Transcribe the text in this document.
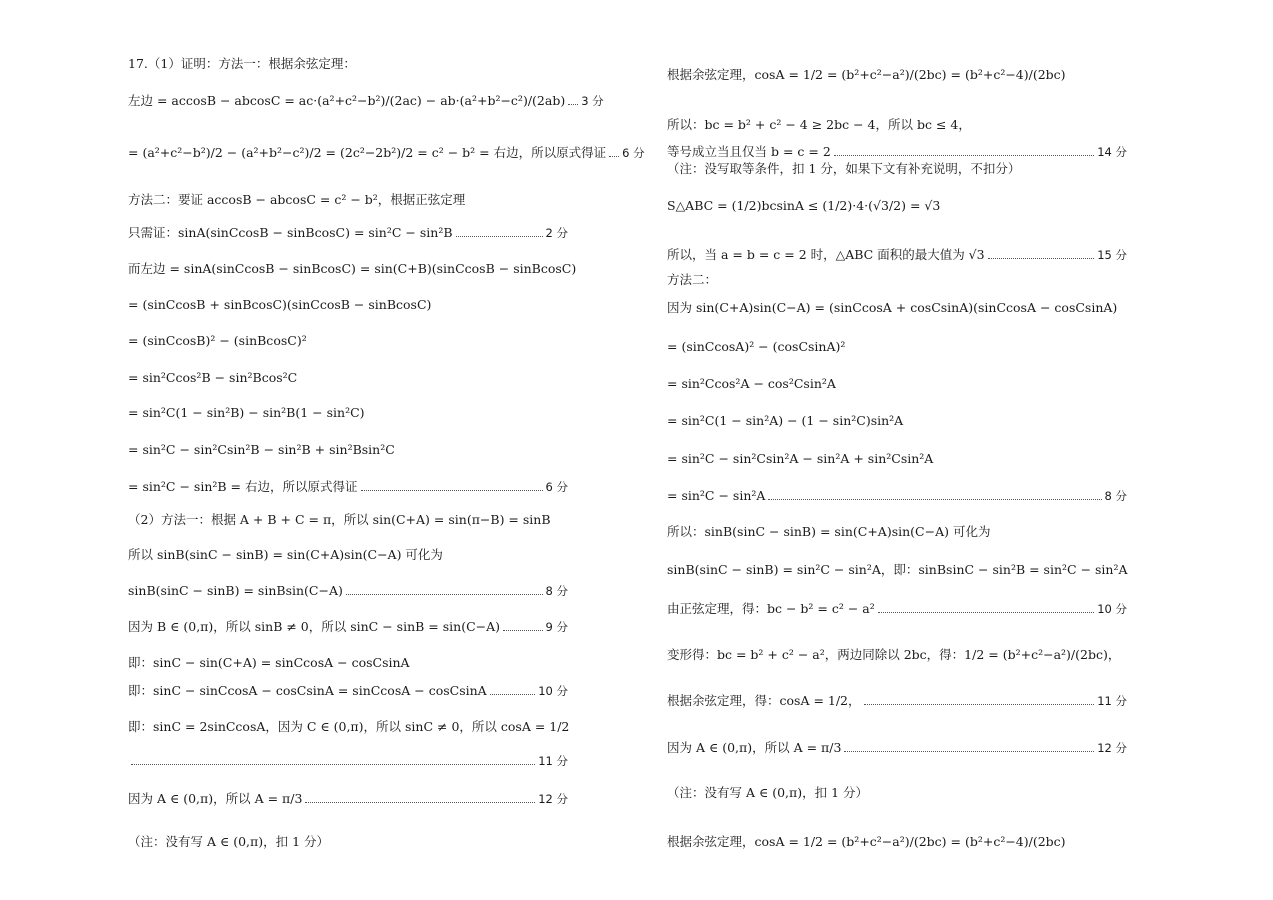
17.（1）证明：方法一：根据余弦定理：
左边 = accosB − abcosC = ac·(a²+c²−b²)/(2ac) − ab·(a²+b²−c²)/(2ab) 3 分
= (a²+c²−b²)/2 − (a²+b²−c²)/2 = (2c²−2b²)/2 = c² − b² = 右边，所以原式得证 6 分
方法二：要证 accosB − abcosC = c² − b²，根据正弦定理
只需证：sinA(sinCcosB − sinBcosC) = sin²C − sin²B	2 分
而左边 = sinA(sinCcosB − sinBcosC) = sin(C+B)(sinCcosB − sinBcosC)
= (sinCcosB + sinBcosC)(sinCcosB − sinBcosC)
= (sinCcosB)² − (sinBcosC)²
= sin²Ccos²B − sin²Bcos²C
= sin²C(1 − sin²B) − sin²B(1 − sin²C)
= sin²C − sin²Csin²B − sin²B + sin²Bsin²C
= sin²C − sin²B = 右边，所以原式得证	6 分
（2）方法一：根据 A + B + C = π，所以 sin(C+A) = sin(π−B) = sinB
所以 sinB(sinC − sinB) = sin(C+A)sin(C−A) 可化为
sinB(sinC − sinB) = sinBsin(C−A)	8 分
因为 B ∈ (0,π)，所以 sinB ≠ 0，所以 sinC − sinB = sin(C−A)	9 分
即：sinC − sin(C+A) = sinCcosA − cosCsinA
即：sinC − sinCcosA − cosCsinA = sinCcosA − cosCsinA	10 分
即：sinC = 2sinCcosA，因为 C ∈ (0,π)，所以 sinC ≠ 0，所以 cosA = 1/2
11 分
因为 A ∈ (0,π)，所以 A = π/3	12 分
（注：没有写 A ∈ (0,π)，扣 1 分）
根据余弦定理，cosA = 1/2 = (b²+c²−a²)/(2bc) = (b²+c²−4)/(2bc)
所以：bc = b² + c² − 4 ≥ 2bc − 4，所以 bc ≤ 4，
等号成立当且仅当 b = c = 2	14 分
（注：没写取等条件，扣 1 分，如果下文有补充说明，不扣分）
S△ABC = (1/2)bcsinA ≤ (1/2)·4·(√3/2) = √3
所以，当 a = b = c = 2 时，△ABC 面积的最大值为 √3	15 分
方法二：
因为 sin(C+A)sin(C−A) = (sinCcosA + cosCsinA)(sinCcosA − cosCsinA)
= (sinCcosA)² − (cosCsinA)²
= sin²Ccos²A − cos²Csin²A
= sin²C(1 − sin²A) − (1 − sin²C)sin²A
= sin²C − sin²Csin²A − sin²A + sin²Csin²A
= sin²C − sin²A	8 分
所以：sinB(sinC − sinB) = sin(C+A)sin(C−A) 可化为
sinB(sinC − sinB) = sin²C − sin²A，即：sinBsinC − sin²B = sin²C − sin²A
由正弦定理，得：bc − b² = c² − a²	10 分
变形得：bc = b² + c² − a²，两边同除以 2bc，得：1/2 = (b²+c²−a²)/(2bc)，
根据余弦定理，得：cosA = 1/2，	11 分
因为 A ∈ (0,π)，所以 A = π/3	12 分
（注：没有写 A ∈ (0,π)，扣 1 分）
根据余弦定理，cosA = 1/2 = (b²+c²−a²)/(2bc) = (b²+c²−4)/(2bc)
